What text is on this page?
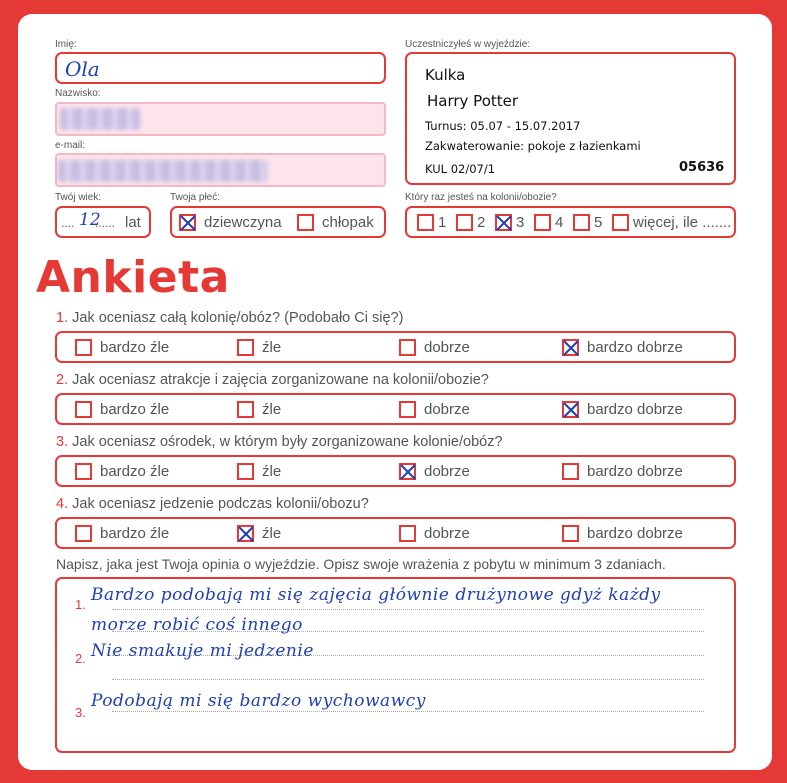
Imię:
Ola
Nazwisko:
e-mail:
Twój wiek:
.... 12
...... lat
Twoja płeć:
dziewczyna	chłopak
Uczestniczyłeś w wyjeździe:
Kulka
Harry Potter
Turnus: 05.07 - 15.07.2017
Zakwaterowanie: pokoje z łazienkami
KUL 02/07/1	05636
Który raz jesteś na kolonii/obozie?
1 2 3 4 5 więcej, ile .......
Ankieta
1. Jak oceniasz całą kolonię/obóz? (Podobało Ci się?)
bardzo źle	źle	dobrze	bardzo dobrze
2. Jak oceniasz atrakcje i zajęcia zorganizowane na kolonii/obozie?
bardzo źle	źle	dobrze	bardzo dobrze
3. Jak oceniasz ośrodek, w którym były zorganizowane kolonie/obóz?
bardzo źle	źle	dobrze	bardzo dobrze
4. Jak oceniasz jedzenie podczas kolonii/obozu?
bardzo źle	źle	dobrze	bardzo dobrze
Napisz, jaka jest Twoja opinia o wyjeździe. Opisz swoje wrażenia z pobytu w minimum 3 zdaniach.
1. Bardzo podobają mi się zajęcia głównie drużynowe gdyż każdy
morze robić coś innego
2. Nie smakuje mi jedzenie
3.
Podobają mi się bardzo wychowawcy
